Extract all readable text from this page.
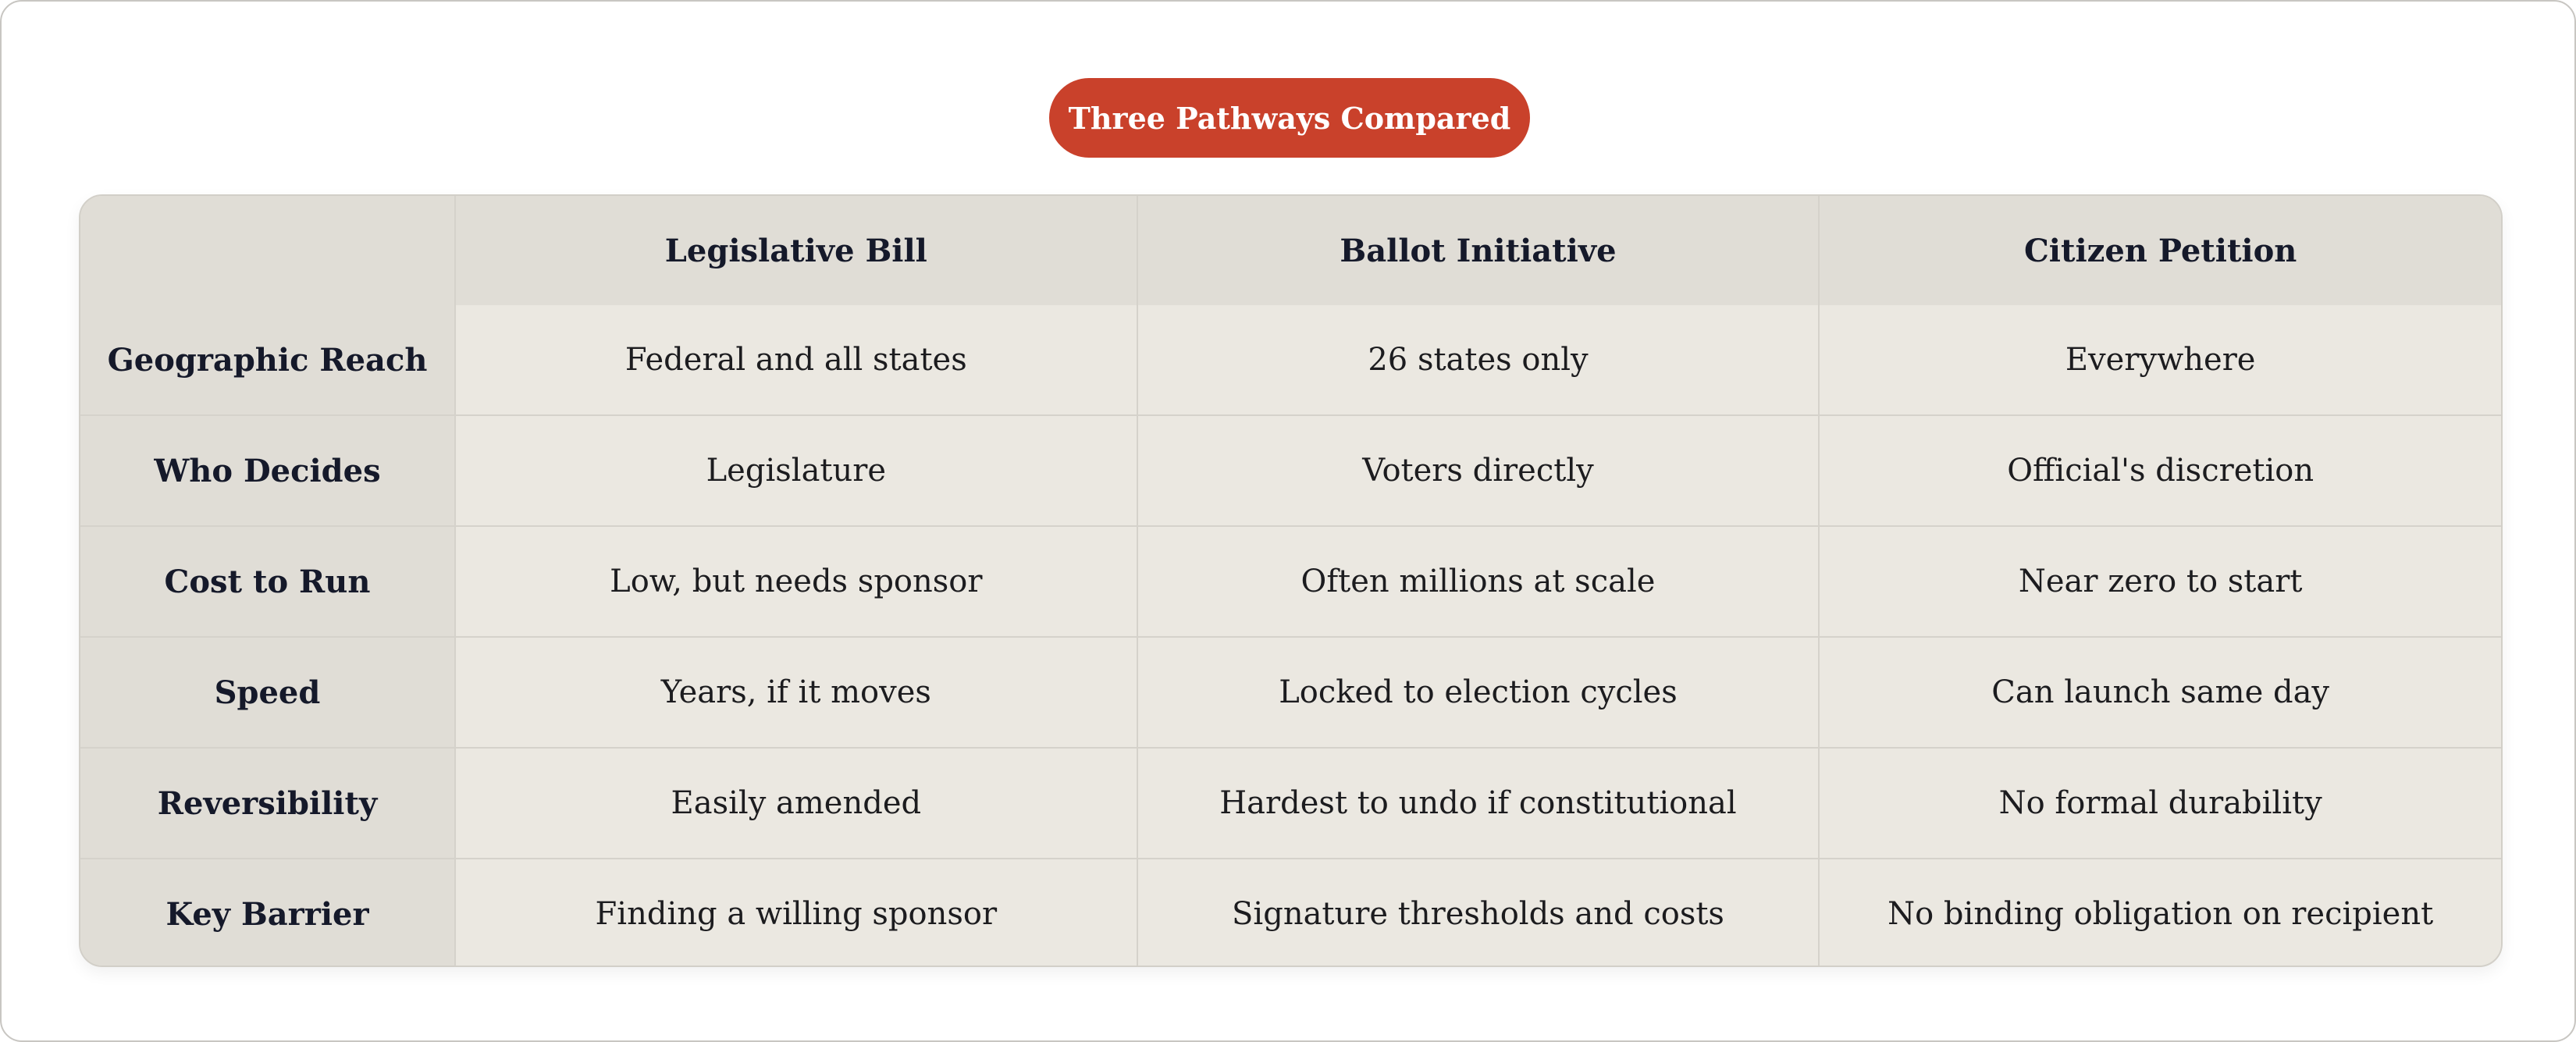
Three Pathways Compared
	Legislative Bill	Ballot Initiative	Citizen Petition
Geographic Reach	Federal and all states	26 states only	Everywhere
Who Decides	Legislature	Voters directly	Official's discretion
Cost to Run	Low, but needs sponsor	Often millions at scale	Near zero to start
Speed	Years, if it moves	Locked to election cycles	Can launch same day
Reversibility	Easily amended	Hardest to undo if constitutional	No formal durability
Key Barrier	Finding a willing sponsor	Signature thresholds and costs	No binding obligation on recipient
